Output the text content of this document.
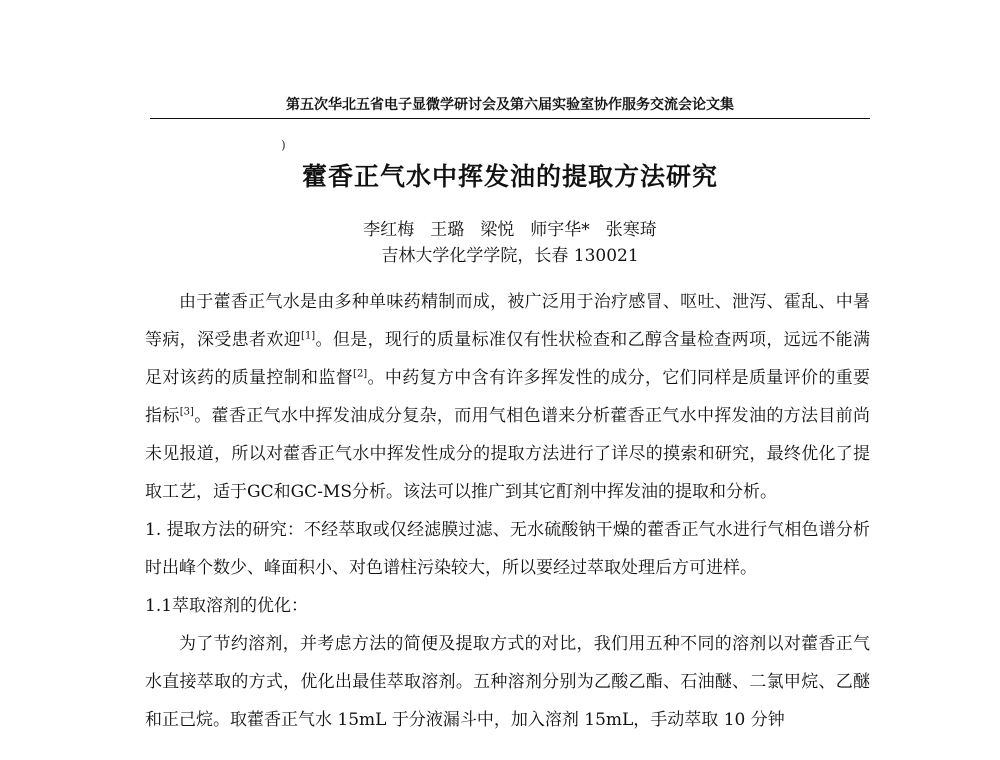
第五次华北五省电子显微学研讨会及第六届实验室协作服务交流会论文集
)
藿香正气水中挥发油的提取方法研究
李红梅 王璐 梁悦 师宇华* 张寒琦
吉林大学化学学院，长春 130021

由于藿香正气水是由多种单味药精制而成，被广泛用于治疗感冒、呕吐、泄泻、霍乱、中暑等病，深受患者欢迎[1]。但是，现行的质量标准仅有性状检查和乙醇含量检查两项，远远不能满足对该药的质量控制和监督[2]。中药复方中含有许多挥发性的成分，它们同样是质量评价的重要指标[3]。藿香正气水中挥发油成分复杂，而用气相色谱来分析藿香正气水中挥发油的方法目前尚未见报道，所以对藿香正气水中挥发性成分的提取方法进行了详尽的摸索和研究，最终优化了提取工艺，适于GC和GC-MS分析。该法可以推广到其它酊剂中挥发油的提取和分析。

1. 提取方法的研究：不经萃取或仅经滤膜过滤、无水硫酸钠干燥的藿香正气水进行气相色谱分析时出峰个数少、峰面积小、对色谱柱污染较大，所以要经过萃取处理后方可进样。

1.1萃取溶剂的优化：

为了节约溶剂，并考虑方法的简便及提取方式的对比，我们用五种不同的溶剂以对藿香正气水直接萃取的方式，优化出最佳萃取溶剂。五种溶剂分别为乙酸乙酯、石油醚、二氯甲烷、乙醚和正己烷。取藿香正气水 15mL 于分液漏斗中，加入溶剂 15mL，手动萃取 10 分钟
